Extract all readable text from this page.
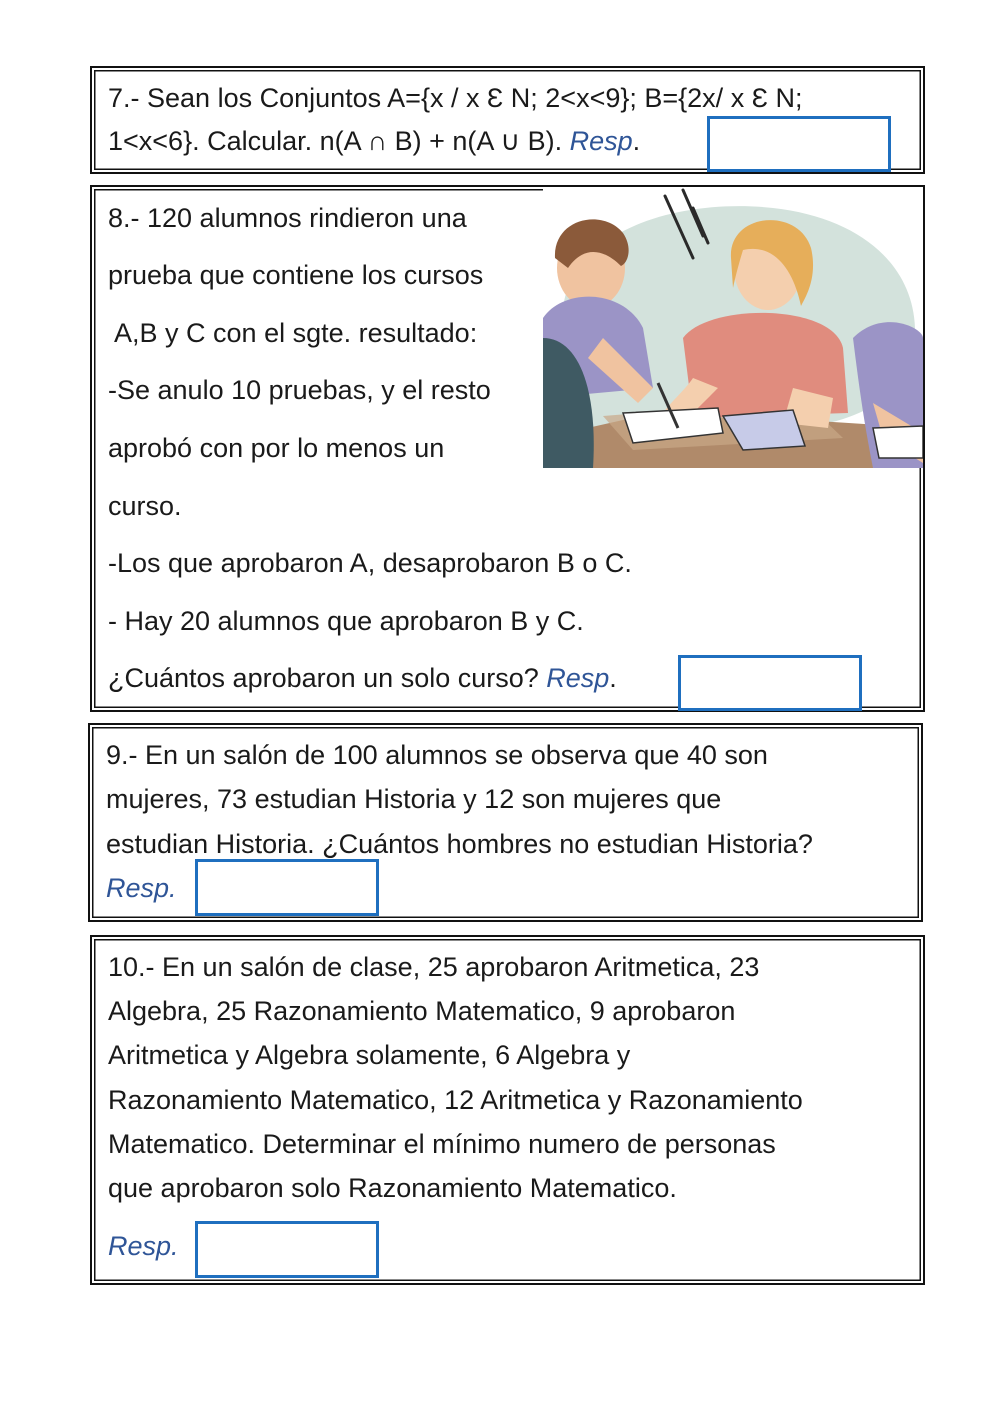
7.- Sean los Conjuntos A={x / x Ɛ N; 2<x<9}; B={2x/ x Ɛ N;
1<x<6}. Calcular. n(A ∩ B) + n(A ∪ B). Resp.
8.- 120 alumnos rindieron una
prueba que contiene los cursos
A,B y C con el sgte. resultado:
-Se anulo 10 pruebas, y el resto
aprobó con por lo menos un
curso.
-Los que aprobaron A, desaprobaron B o C.
- Hay 20 alumnos que aprobaron B y C.
¿Cuántos aprobaron un solo curso? Resp.
9.- En un salón de 100 alumnos se observa que 40 son
mujeres, 73 estudian Historia y 12 son mujeres que
estudian Historia. ¿Cuántos hombres no estudian Historia?
Resp.
10.- En un salón de clase, 25 aprobaron Aritmetica, 23
Algebra, 25 Razonamiento Matematico, 9 aprobaron
Aritmetica y Algebra solamente, 6 Algebra y
Razonamiento Matematico, 12 Aritmetica y Razonamiento
Matematico. Determinar el mínimo numero de personas
que aprobaron solo Razonamiento Matematico.
Resp.
